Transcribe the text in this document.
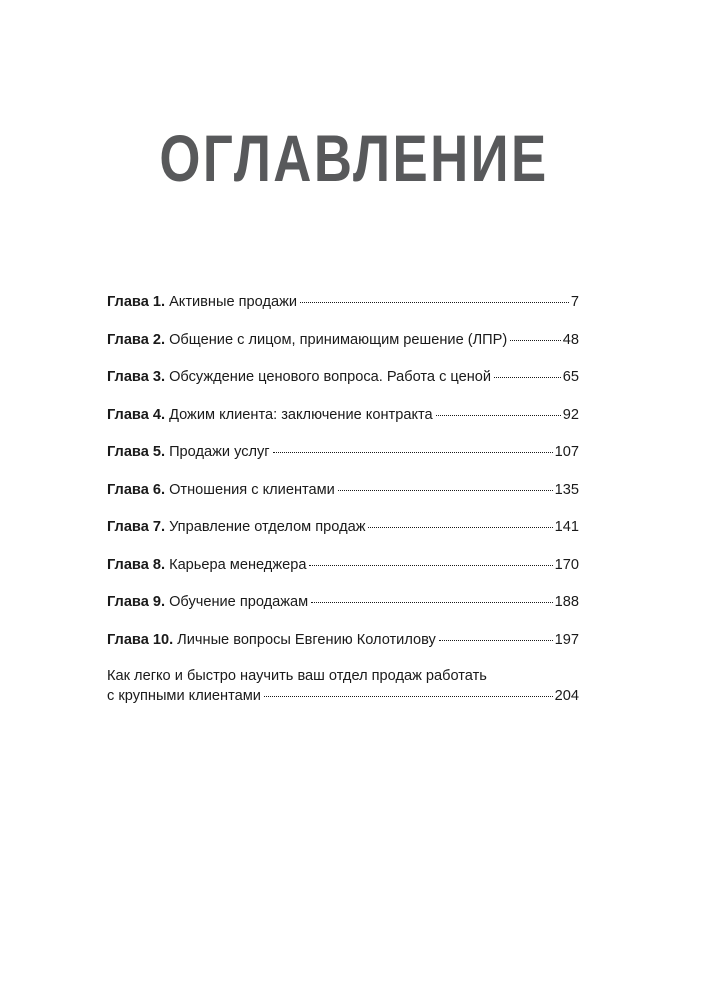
ОГЛАВЛЕНИЕ
Глава 1. Активные продажи	7
Глава 2. Общение с лицом, принимающим решение (ЛПР)	48
Глава 3. Обсуждение ценового вопроса. Работа с ценой	65
Глава 4. Дожим клиента: заключение контракта	92
Глава 5. Продажи услуг	107
Глава 6. Отношения с клиентами	135
Глава 7. Управление отделом продаж	141
Глава 8. Карьера менеджера	170
Глава 9. Обучение продажам	188
Глава 10. Личные вопросы Евгению Колотилову	197
Как легко и быстро научить ваш отдел продаж работать
с крупными клиентами	204
